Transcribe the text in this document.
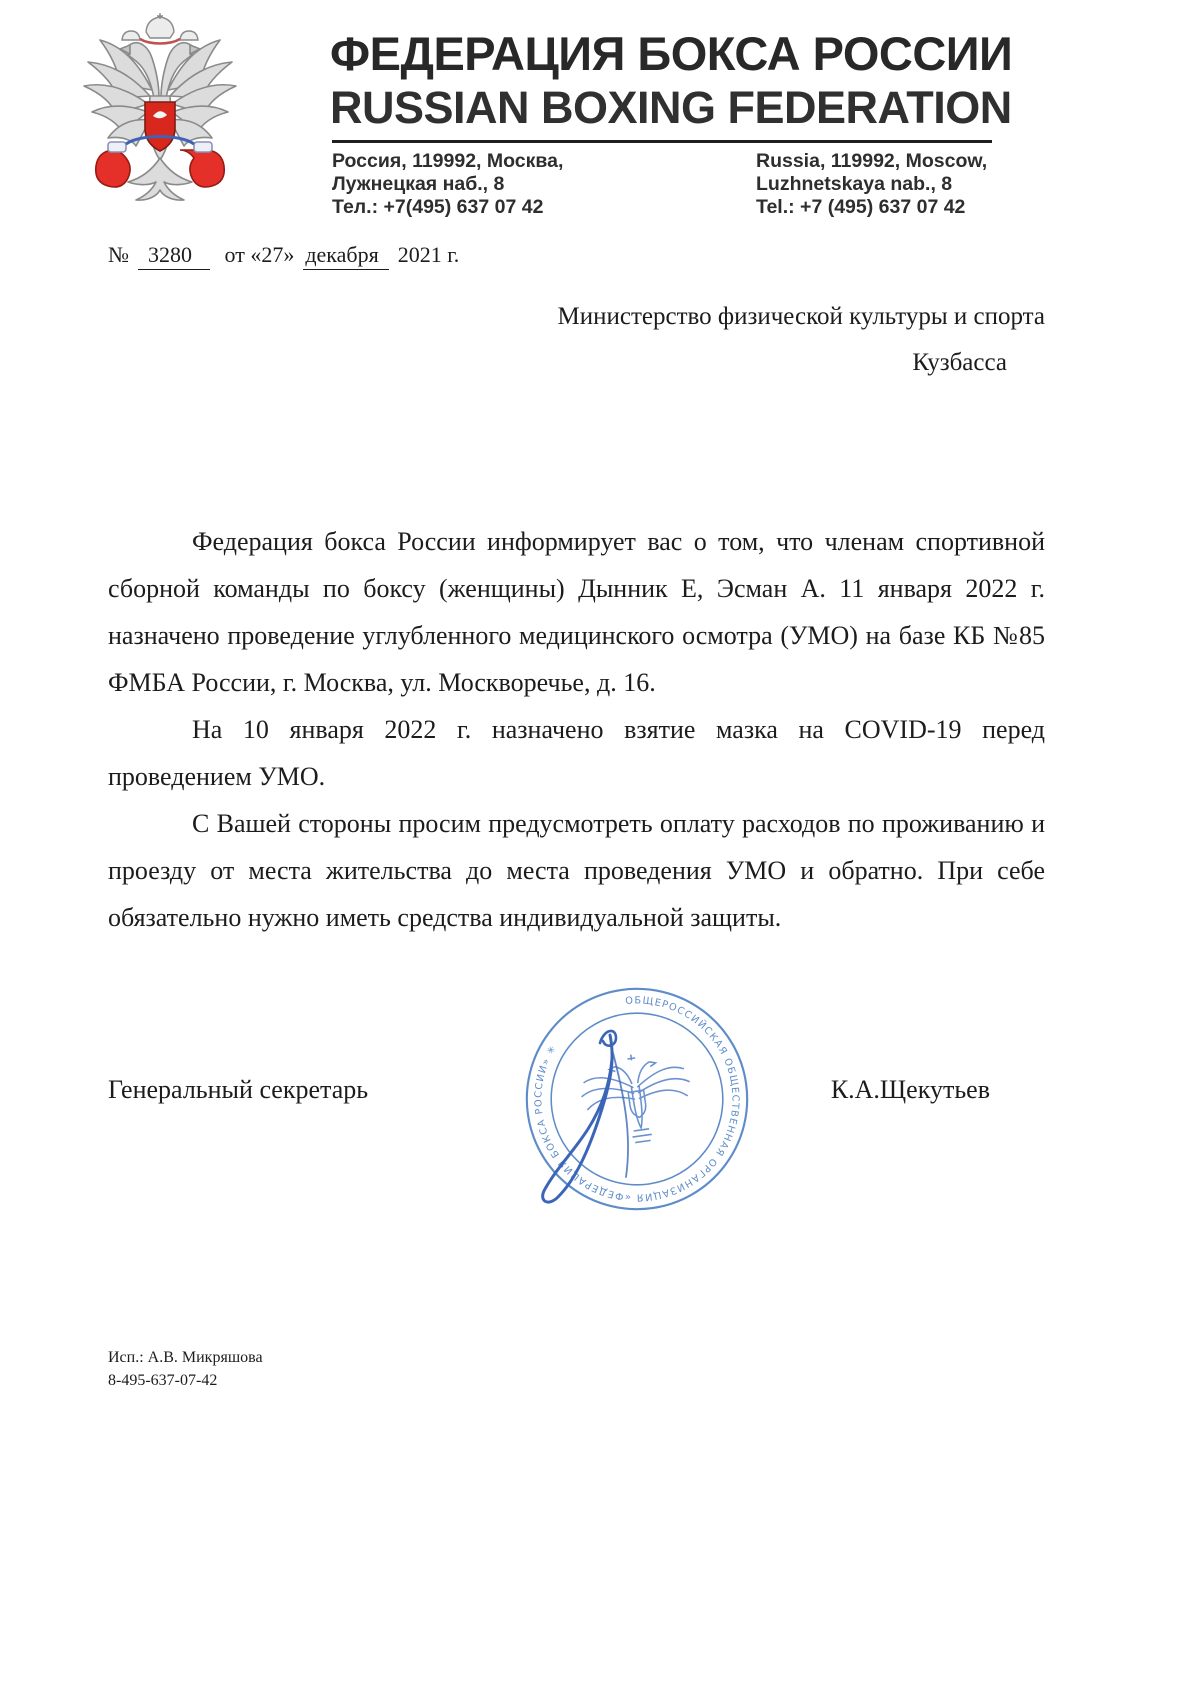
ФЕДЕРАЦИЯ БОКСА РОССИИ
RUSSIAN BOXING FEDERATION
Россия, 119992, Москва,
Лужнецкая наб., 8
Тел.: +7(495) 637 07 42
Russia, 119992, Moscow,
Luzhnetskaya nab., 8
Tel.: +7 (495) 637 07 42
№ 3280 от «27» декабря 2021 г.
Министерство физической культуры и спорта
Кузбасса

Федерация бокса России информирует вас о том, что членам спортивной сборной команды по боксу (женщины) Дынник Е, Эсман А. 11 января 2022 г. назначено проведение углубленного медицинского осмотра (УМО) на базе КБ №85 ФМБА России, г. Москва, ул. Москворечье, д. 16.

На 10 января 2022 г. назначено взятие мазка на COVID-19 перед проведением УМО.

С Вашей стороны просим предусмотреть оплату расходов по проживанию и проезду от места жительства до места проведения УМО и обратно. При себе обязательно нужно иметь средства индивидуальной защиты.

Генеральный секретарь	К.А.Щекутьев
ОБЩЕРОССИЙСКАЯ ОБЩЕСТВЕННАЯ ОРГАНИЗАЦИЯ «ФЕДЕРАЦИЯ БОКСА РОССИИ» ✳
Исп.: А.В. Микряшова
8-495-637-07-42
